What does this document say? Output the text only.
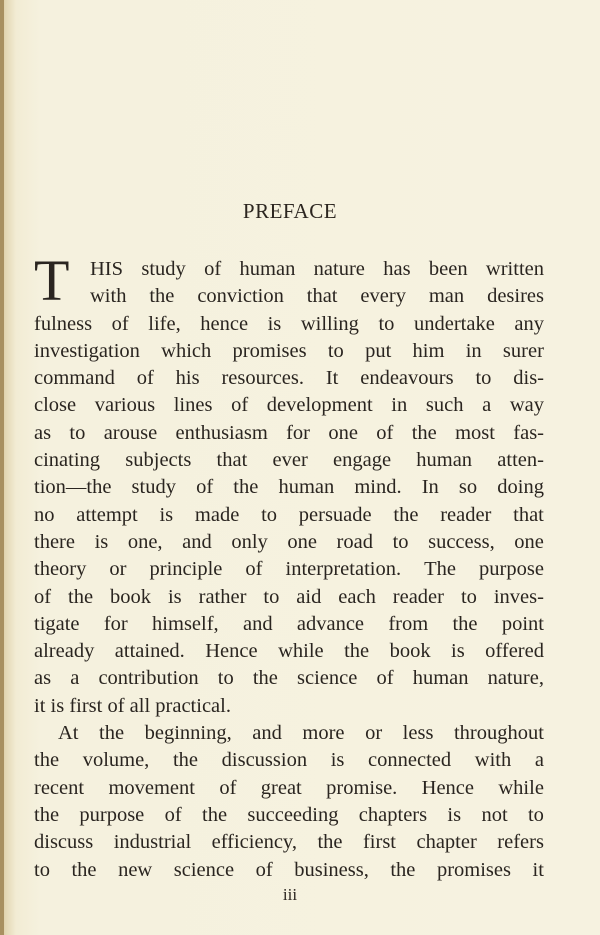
PREFACE
T HIS study of human nature has been written
with the conviction that every man desires
fulness of life, hence is willing to undertake any
investigation which promises to put him in surer
command of his resources. It endeavours to dis-
close various lines of development in such a way
as to arouse enthusiasm for one of the most fas-
cinating subjects that ever engage human atten-
tion—the study of the human mind. In so doing
no attempt is made to persuade the reader that
there is one, and only one road to success, one
theory or principle of interpretation. The purpose
of the book is rather to aid each reader to inves-
tigate for himself, and advance from the point
already attained. Hence while the book is offered
as a contribution to the science of human nature,
it is first of all practical.
At the beginning, and more or less throughout
the volume, the discussion is connected with a
recent movement of great promise. Hence while
the purpose of the succeeding chapters is not to
discuss industrial efficiency, the first chapter refers
to the new science of business, the promises it
iii
